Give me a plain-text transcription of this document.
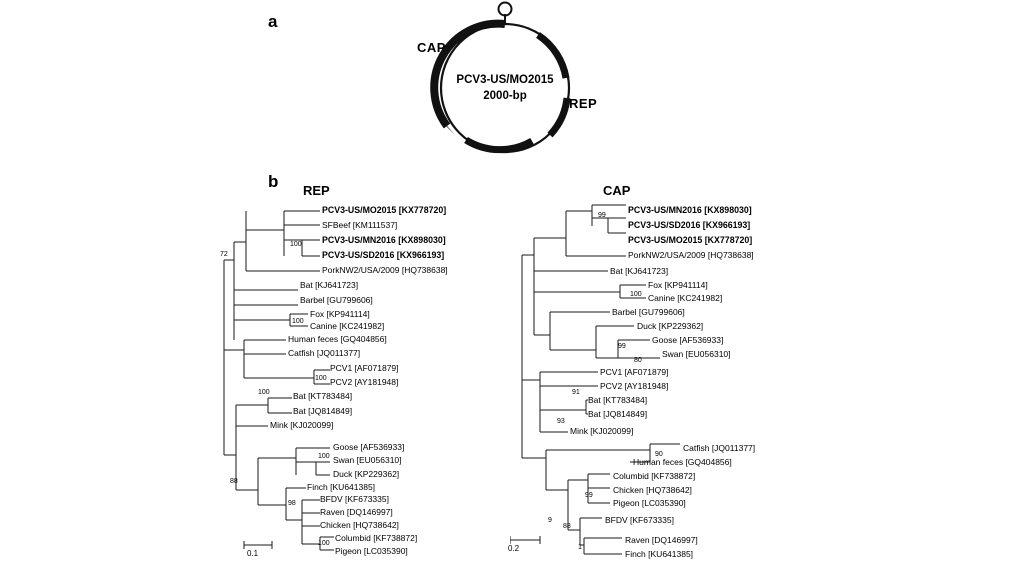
a
CAP
REP
PCV3-US/MO2015
2000-bp
b REP
0.1
PCV3-US/MO2015 [KX778720]
SFBeef [KM111537]
PCV3-US/MN2016 [KX898030]
PCV3-US/SD2016 [KX966193]
PorkNW2/USA/2009 [HQ738638]
Bat [KJ641723]
Barbel [GU799606]
Fox [KP941114]
Canine [KC241982]
Human feces [GQ404856]
Catfish [JQ011377]
PCV1 [AF071879]
PCV2 [AY181948]
Bat [KT783484]
Bat [JQ814849]
Mink [KJ020099]
Goose [AF536933]
Swan [EU056310]
Duck [KP229362]
Finch [KU641385]
BFDV [KF673335]
Raven [DQ146997]
Chicken [HQ738642]
Columbid [KF738872]
Pigeon [LC035390]
100
72
100
100
100
100
88
98
100
CAP
0.2
PCV3-US/MN2016 [KX898030]
PCV3-US/SD2016 [KX966193]
PCV3-US/MO2015 [KX778720]
PorkNW2/USA/2009 [HQ738638]
Bat [KJ641723]
Fox [KP941114]
Canine [KC241982]
Barbel [GU799606]
Duck [KP229362]
Goose [AF536933]
Swan [EU056310]
PCV1 [AF071879]
PCV2 [AY181948]
Bat [KT783484]
Bat [JQ814849]
Mink [KJ020099]
Catfish [JQ011377]
Human feces [GQ404856]
Columbid [KF738872]
Chicken [HQ738642]
Pigeon [LC035390]
BFDV [KF673335]
Raven [DQ146997]
Finch [KU641385]
99
100
99
80
91
93
90
99
9
88
1
